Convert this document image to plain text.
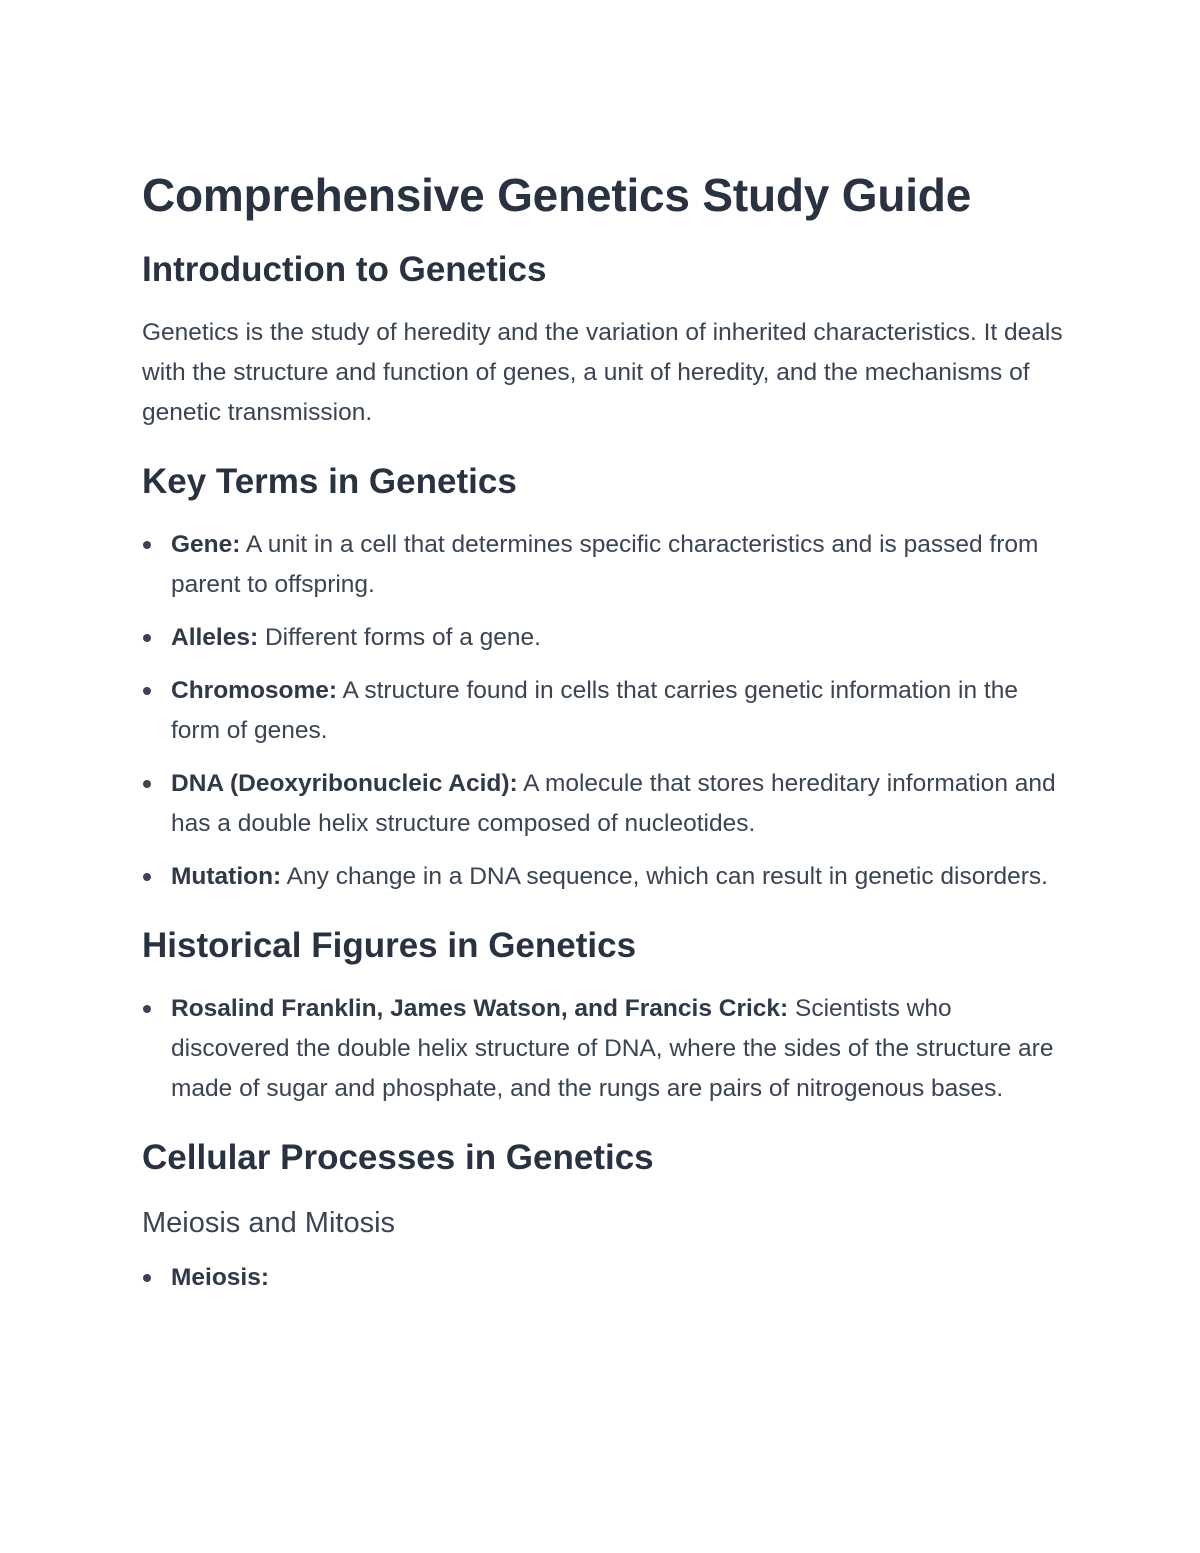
Comprehensive Genetics Study Guide
Introduction to Genetics

Genetics is the study of heredity and the variation of inherited characteristics. It deals with the structure and function of genes, a unit of heredity, and the mechanisms of genetic transmission.

Key Terms in Genetics
Gene: A unit in a cell that determines specific characteristics and is passed from parent to offspring.
Alleles: Different forms of a gene.
Chromosome: A structure found in cells that carries genetic information in the form of genes.
DNA (Deoxyribonucleic Acid): A molecule that stores hereditary information and has a double helix structure composed of nucleotides.
Mutation: Any change in a DNA sequence, which can result in genetic disorders.
Historical Figures in Genetics
Rosalind Franklin, James Watson, and Francis Crick: Scientists who discovered the double helix structure of DNA, where the sides of the structure are made of sugar and phosphate, and the rungs are pairs of nitrogenous bases.
Cellular Processes in Genetics
Meiosis and Mitosis
Meiosis:
